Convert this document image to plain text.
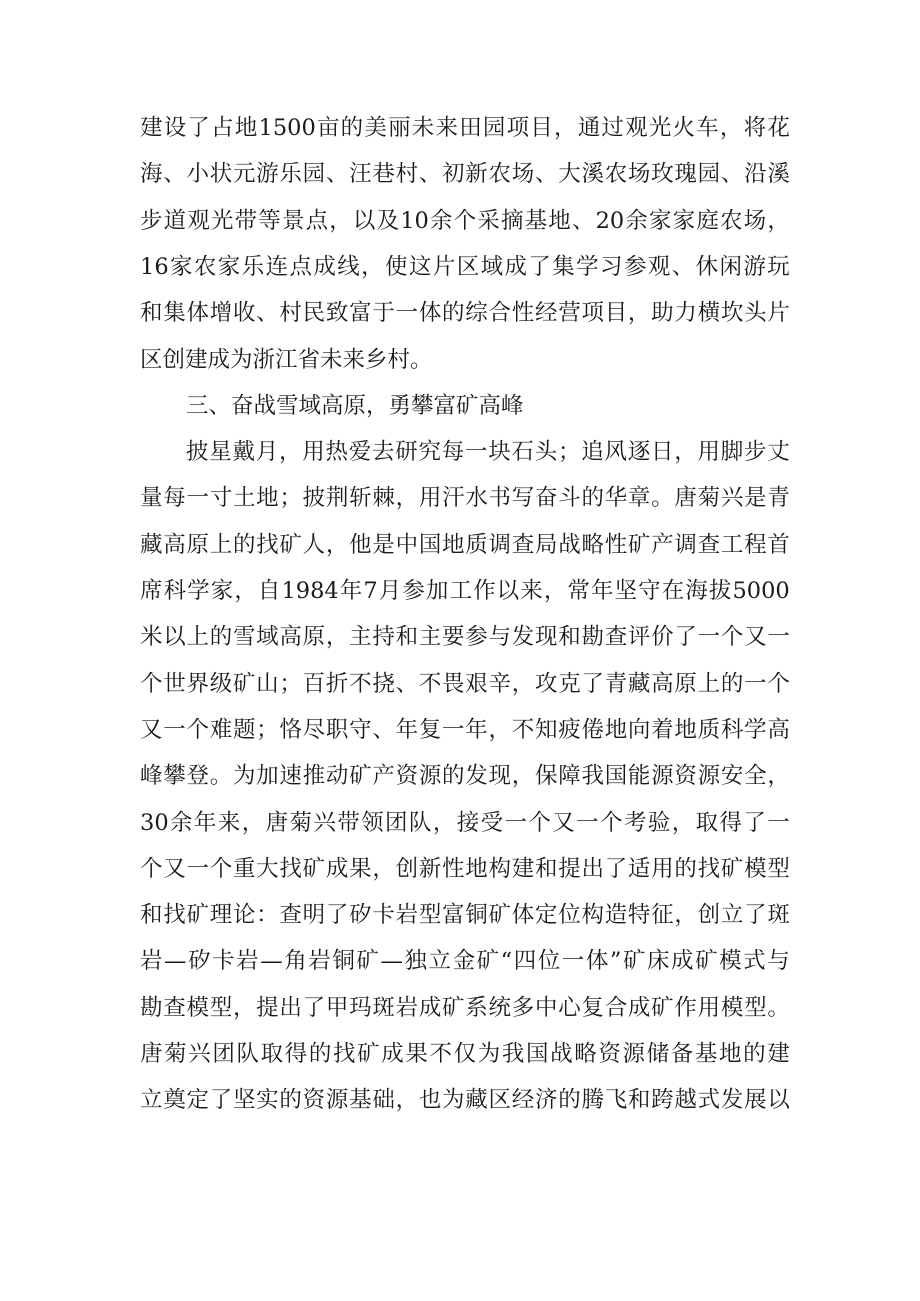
建 设 了 占 地 1500 亩 的 美 丽 未 来 田 园 项 目 ， 通 过 观 光 火 车 ， 将 花
海 、 小 状 元 游 乐 园 、 汪 巷 村 、 初 新 农 场 、 大 溪 农 场 玫 瑰 园 、 沿 溪
步 道 观 光 带 等 景 点 ， 以 及 10 余 个 采 摘 基 地 、 20 余 家 家 庭 农 场 ，
16 家 农 家 乐 连 点 成 线 ， 使 这 片 区 域 成 了 集 学 习 参 观 、 休 闲 游 玩
和 集 体 增 收 、 村 民 致 富 于 一 体 的 综 合 性 经 营 项 目 ， 助 力 横 坎 头 片
区创建成为浙江省未来乡村。
三、奋战雪域高原，勇攀富矿高峰
披 星 戴 月 ， 用 热 爱 去 研 究 每 一 块 石 头 ； 追 风 逐 日 ， 用 脚 步 丈
量 每 一 寸 土 地 ； 披 荆 斩 棘 ， 用 汗 水 书 写 奋 斗 的 华 章 。 唐 菊 兴 是 青
藏 高 原 上 的 找 矿 人 ， 他 是 中 国 地 质 调 查 局 战 略 性 矿 产 调 查 工 程 首
席 科 学 家 ， 自 1984 年 7 月 参 加 工 作 以 来 ， 常 年 坚 守 在 海 拔 5000
米 以 上 的 雪 域 高 原 ， 主 持 和 主 要 参 与 发 现 和 勘 查 评 价 了 一 个 又 一
个 世 界 级 矿 山 ； 百 折 不 挠 、 不 畏 艰 辛 ， 攻 克 了 青 藏 高 原 上 的 一 个
又 一 个 难 题 ； 恪 尽 职 守 、 年 复 一 年 ， 不 知 疲 倦 地 向 着 地 质 科 学 高
峰 攀 登 。 为 加 速 推 动 矿 产 资 源 的 发 现 ， 保 障 我 国 能 源 资 源 安 全 ，
30 余 年 来 ， 唐 菊 兴 带 领 团 队 ， 接 受 一 个 又 一 个 考 验 ， 取 得 了 一
个 又 一 个 重 大 找 矿 成 果 ， 创 新 性 地 构 建 和 提 出 了 适 用 的 找 矿 模 型
和 找 矿 理 论 ： 查 明 了 矽 卡 岩 型 富 铜 矿 体 定 位 构 造 特 征 ， 创 立 了 斑
岩 — 矽 卡 岩 — 角 岩 铜 矿 — 独 立 金 矿 “ 四 位 一 体 ” 矿 床 成 矿 模 式 与
勘 查 模 型 ， 提 出 了 甲 玛 斑 岩 成 矿 系 统 多 中 心 复 合 成 矿 作 用 模 型 。
唐 菊 兴 团 队 取 得 的 找 矿 成 果 不 仅 为 我 国 战 略 资 源 储 备 基 地 的 建
立 奠 定 了 坚 实 的 资 源 基 础 ， 也 为 藏 区 经 济 的 腾 飞 和 跨 越 式 发 展 以
